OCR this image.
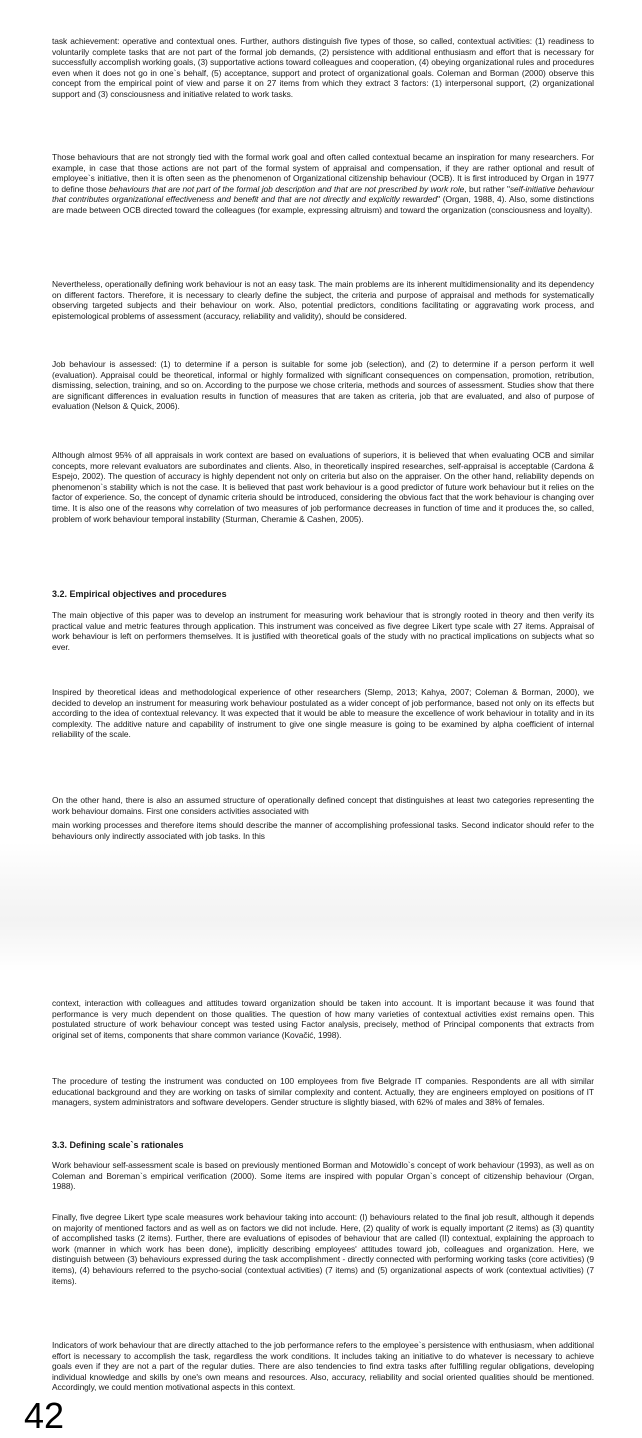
task achievement: operative and contextual ones. Further, authors distinguish five types of those, so called, contextual activities: (1) readiness to voluntarily complete tasks that are not part of the formal job demands, (2) persistence with additional enthusiasm and effort that is necessary for successfully accomplish working goals, (3) supportative actions toward colleagues and cooperation, (4) obeying organizational rules and procedures even when it does not go in one`s behalf, (5) acceptance, support and protect of organizational goals. Coleman and Borman (2000) observe this concept from the empirical point of view and parse it on 27 items from which they extract 3 factors: (1) interpersonal support, (2) organizational support and (3) consciousness and initiative related to work tasks.

Those behaviours that are not strongly tied with the formal work goal and often called contextual became an inspiration for many researchers. For example, in case that those actions are not part of the formal system of appraisal and compensation, if they are rather optional and result of employee`s initiative, then it is often seen as the phenomenon of Organizational citizenship behaviour (OCB). It is first introduced by Organ in 1977 to define those behaviours that are not part of the formal job description and that are not prescribed by work role, but rather "self-initiative behaviour that contributes organizational effectiveness and benefit and that are not directly and explicitly rewarded" (Organ, 1988, 4). Also, some distinctions are made between OCB directed toward the colleagues (for example, expressing altruism) and toward the organization (consciousness and loyalty).

Nevertheless, operationally defining work behaviour is not an easy task. The main problems are its inherent multidimensionality and its dependency on different factors. Therefore, it is necessary to clearly define the subject, the criteria and purpose of appraisal and methods for systematically observing targeted subjects and their behaviour on work. Also, potential predictors, conditions facilitating or aggravating work process, and epistemological problems of assessment (accuracy, reliability and validity), should be considered.

Job behaviour is assessed: (1) to determine if a person is suitable for some job (selection), and (2) to determine if a person perform it well (evaluation). Appraisal could be theoretical, informal or highly formalized with significant consequences on compensation, promotion, retribution, dismissing, selection, training, and so on. According to the purpose we chose criteria, methods and sources of assessment. Studies show that there are significant differences in evaluation results in function of measures that are taken as criteria, job that are evaluated, and also of purpose of evaluation (Nelson & Quick, 2006).

Although almost 95% of all appraisals in work context are based on evaluations of superiors, it is believed that when evaluating OCB and similar concepts, more relevant evaluators are subordinates and clients. Also, in theoretically inspired researches, self-appraisal is acceptable (Cardona & Espejo, 2002). The question of accuracy is highly dependent not only on criteria but also on the appraiser. On the other hand, reliability depends on phenomenon`s stability which is not the case. It is believed that past work behaviour is a good predictor of future work behaviour but it relies on the factor of experience. So, the concept of dynamic criteria should be introduced, considering the obvious fact that the work behaviour is changing over time. It is also one of the reasons why correlation of two measures of job performance decreases in function of time and it produces the, so called, problem of work behaviour temporal instability (Sturman, Cheramie & Cashen, 2005).

3.2. Empirical objectives and procedures

The main objective of this paper was to develop an instrument for measuring work behaviour that is strongly rooted in theory and then verify its practical value and metric features through application. This instrument was conceived as five degree Likert type scale with 27 items. Appraisal of work behaviour is left on performers themselves. It is justified with theoretical goals of the study with no practical implications on subjects what so ever.

Inspired by theoretical ideas and methodological experience of other researchers (Slemp, 2013; Kahya, 2007; Coleman & Borman, 2000), we decided to develop an instrument for measuring work behaviour postulated as a wider concept of job performance, based not only on its effects but according to the idea of contextual relevancy. It was expected that it would be able to measure the excellence of work behaviour in totality and in its complexity. The additive nature and capability of instrument to give one single measure is going to be examined by alpha coefficient of internal reliability of the scale.

On the other hand, there is also an assumed structure of operationally defined concept that distinguishes at least two categories representing the work behaviour domains. First one considers activities associated with

main working processes and therefore items should describe the manner of accomplishing professional tasks. Second indicator should refer to the behaviours only indirectly associated with job tasks. In this

context, interaction with colleagues and attitudes toward organization should be taken into account. It is important because it was found that performance is very much dependent on those qualities. The question of how many varieties of contextual activities exist remains open. This postulated structure of work behaviour concept was tested using Factor analysis, precisely, method of Principal components that extracts from original set of items, components that share common variance (Kovačić, 1998).

The procedure of testing the instrument was conducted on 100 employees from five Belgrade IT companies. Respondents are all with similar educational background and they are working on tasks of similar complexity and content. Actually, they are engineers employed on positions of IT managers, system administrators and software developers. Gender structure is slightly biased, with 62% of males and 38% of females.

3.3. Defining scale`s rationales

Work behaviour self-assessment scale is based on previously mentioned Borman and Motowidlo`s concept of work behaviour (1993), as well as on Coleman and Boreman`s empirical verification (2000). Some items are inspired with popular Organ`s concept of citizenship behaviour (Organ, 1988).

Finally, five degree Likert type scale measures work behaviour taking into account: (I) behaviours related to the final job result, although it depends on majority of mentioned factors and as well as on factors we did not include. Here, (2) quality of work is equally important (2 items) as (3) quantity of accomplished tasks (2 items). Further, there are evaluations of episodes of behaviour that are called (II) contextual, explaining the approach to work (manner in which work has been done), implicitly describing employees' attitudes toward job, colleagues and organization. Here, we distinguish between (3) behaviours expressed during the task accomplishment - directly connected with performing working tasks (core activities) (9 items), (4) behaviours referred to the psycho-social (contextual activities) (7 items) and (5) organizational aspects of work (contextual activities) (7 items).

Indicators of work behaviour that are directly attached to the job performance refers to the employee`s persistence with enthusiasm, when additional effort is necessary to accomplish the task, regardless the work conditions. It includes taking an initiative to do whatever is necessary to achieve goals even if they are not a part of the regular duties. There are also tendencies to find extra tasks after fulfilling regular obligations, developing individual knowledge and skills by one's own means and resources. Also, accuracy, reliability and social oriented qualities should be mentioned. Accordingly, we could mention motivational aspects in this context.

42
